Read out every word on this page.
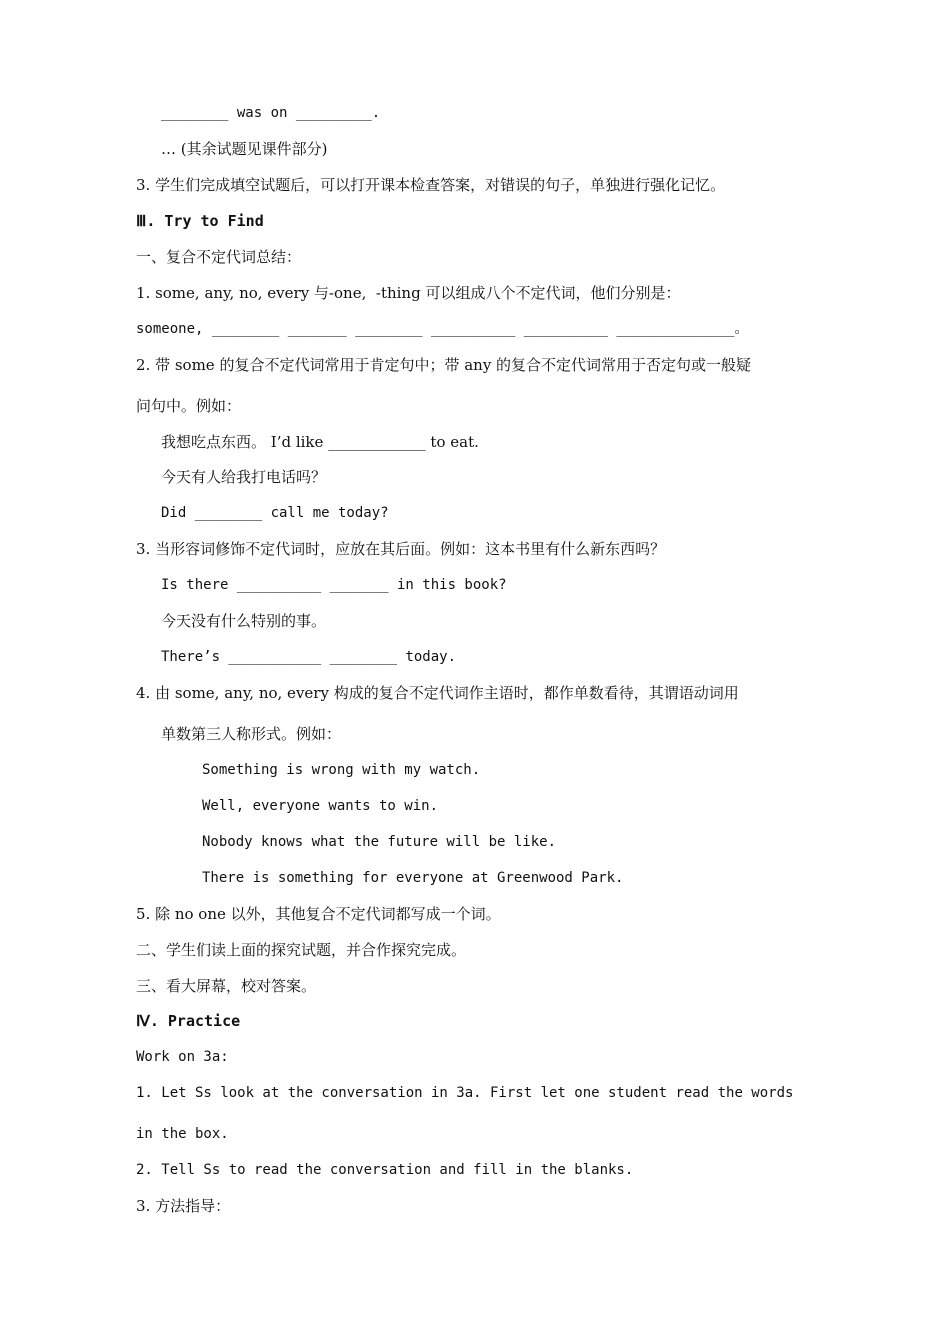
________ was on _________.
… (其余试题见课件部分)
3. 学生们完成填空试题后，可以打开课本检查答案，对错误的句子，单独进行强化记忆。
Ⅲ. Try to Find
一、复合不定代词总结：
1. some, any, no, every 与-one,  -thing 可以组成八个不定代词，他们分别是：
someone, ________ _______ ________ __________ __________ ______________。
2. 带 some 的复合不定代词常用于肯定句中；带 any 的复合不定代词常用于否定句或一般疑
问句中。例如：
我想吃点东西。 I’d like _____________ to eat.
今天有人给我打电话吗？
Did ________ call me today?
3. 当形容词修饰不定代词时，应放在其后面。例如：这本书里有什么新东西吗？
Is there __________ _______ in this book?
今天没有什么特别的事。
There’s ___________ ________ today.
4. 由 some, any, no, every 构成的复合不定代词作主语时，都作单数看待，其谓语动词用
单数第三人称形式。例如：
Something is wrong with my watch.
Well, everyone wants to win.
Nobody knows what the future will be like.
There is something for everyone at Greenwood Park.
5. 除 no one 以外，其他复合不定代词都写成一个词。
二、学生们读上面的探究试题，并合作探究完成。
三、看大屏幕，校对答案。
Ⅳ. Practice
Work on 3a:
1. Let Ss look at the conversation in 3a. First let one student read the words
in the box.
2. Tell Ss to read the conversation and fill in the blanks.
3. 方法指导：
